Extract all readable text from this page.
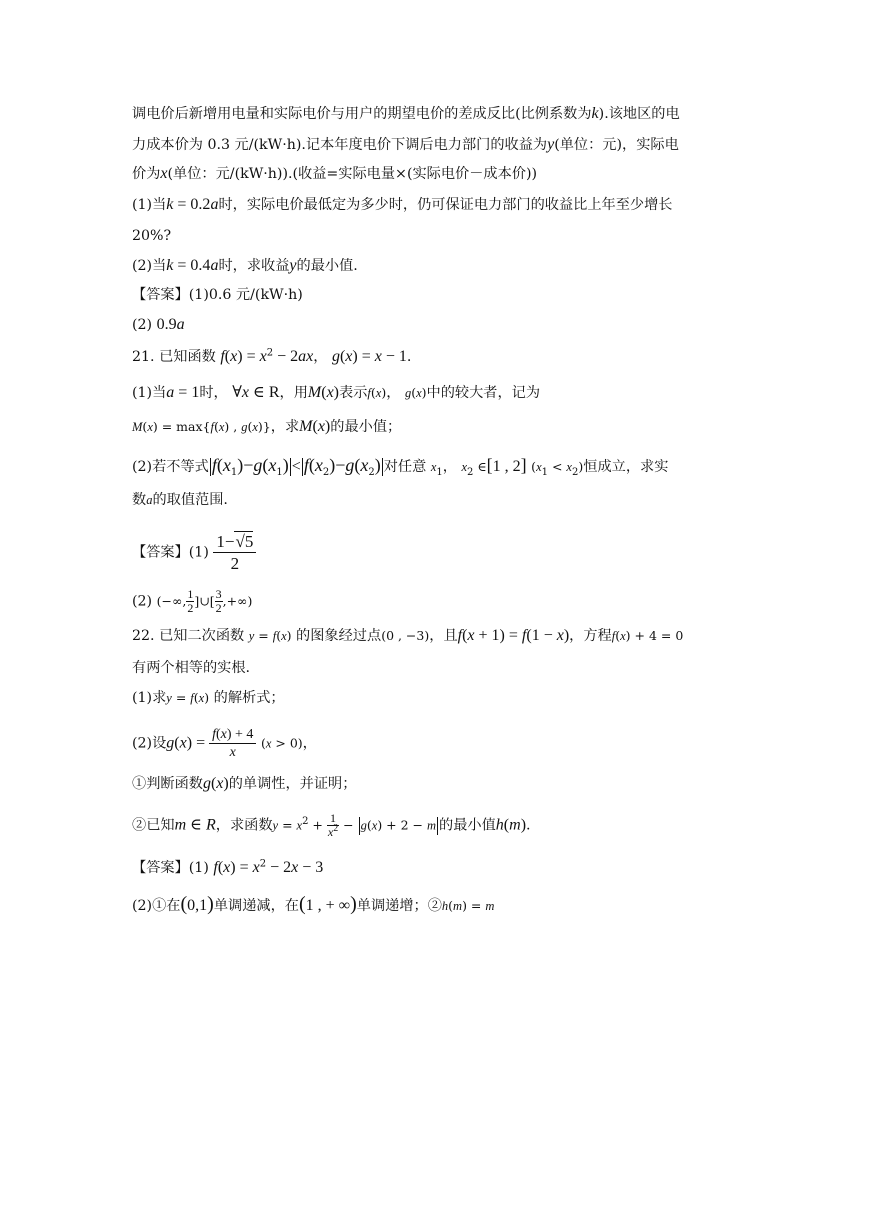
调电价后新增用电量和实际电价与用户的期望电价的差成反比(比例系数为k).该地区的电
力成本价为 0.3 元/(kW·h).记本年度电价下调后电力部门的收益为y(单位：元)，实际电
价为x(单位：元/(kW·h)).(收益=实际电量×(实际电价－成本价))
(1)当k = 0.2a时，实际电价最低定为多少时，仍可保证电力部门的收益比上年至少增长
20%?
(2)当k = 0.4a时，求收益y的最小值.
【答案】(1)0.6 元/(kW·h)
(2) 0.9a
21. 已知函数 $f(x) = x^2 - 2ax$， g(x) = x − 1.
(1)当a = 1时， ∀x ∈ R，用M(x)表示f(x)， g(x)中的较大者，记为
M(x) = max{f(x) , g(x)}，求M(x)的最小值；
(2)若不等式 $f(x_1)-g(x_1) < f(x_2)-g(x_2)$ 对任意 $x_1$， $x_2$ ∈[1 , 2] $(x_1 < x_2)$恒成立，求实
数a的取值范围.
【答案】$(1) \frac{1-√5}{2}$
(2) (−∞, $\frac{1}{2}$ ]∪[ $\frac{3}{2}$ ,+∞)
22. 已知二次函数 y = f(x) 的图象经过点(0 , −3)，且f(x + 1) = f(1 − x)，方程f(x) + 4 = 0
有两个相等的实根.
(1)求y = f(x) 的解析式；
(2)设$g(x) = \frac{f(x) + 4}{x} (x > 0)$，
①判断函数g(x)的单调性，并证明；
②已知m ∈ R，求函数$y = x^2 + \frac{1}{x^2} - g(x) + 2 - m$ 的最小值h(m).
【答案】(1) $f(x) = x^2 - 2x - 3$
(2)①在(0,1)单调递减，在(1 , + ∞)单调递增；②h(m) = m
